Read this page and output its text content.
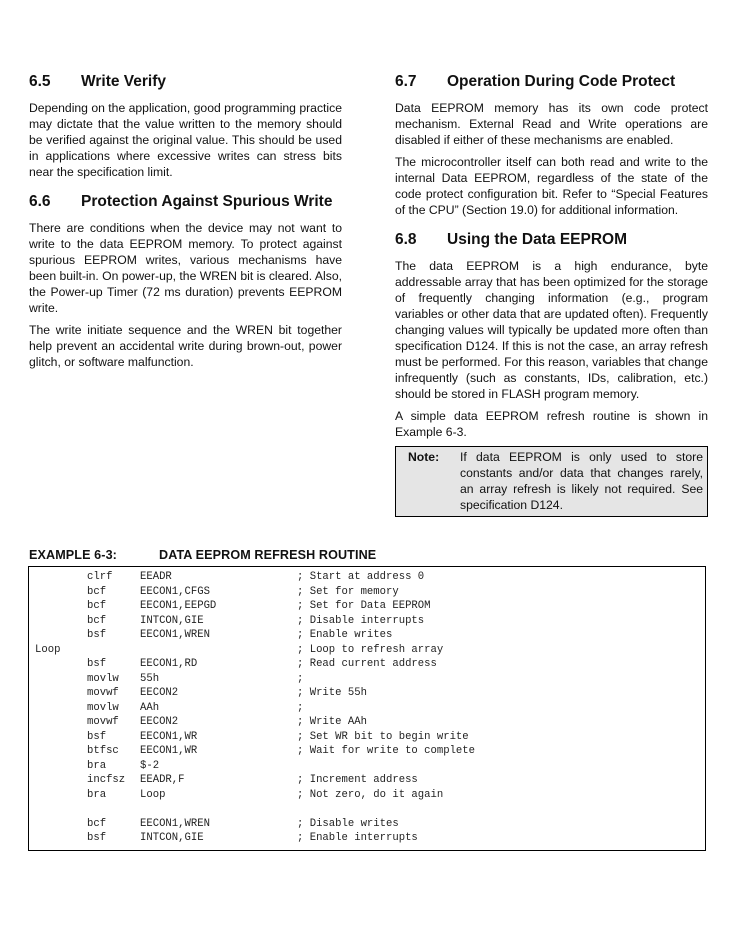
6.5	Write Verify

Depending on the application, good programming practice may dictate that the value written to the memory should be verified against the original value. This should be used in applications where excessive writes can stress bits near the specification limit.

6.6	Protection Against Spurious Write

There are conditions when the device may not want to write to the data EEPROM memory. To protect against spurious EEPROM writes, various mechanisms have been built-in. On power-up, the WREN bit is cleared. Also, the Power-up Timer (72 ms duration) prevents EEPROM write.

The write initiate sequence and the WREN bit together help prevent an accidental write during brown-out, power glitch, or software malfunction.

6.7	Operation During Code Protect

Data EEPROM memory has its own code protect mechanism. External Read and Write operations are disabled if either of these mechanisms are enabled.

The microcontroller itself can both read and write to the internal Data EEPROM, regardless of the state of the code protect configuration bit. Refer to “Special Features of the CPU” (Section 19.0) for additional information.

6.8	Using the Data EEPROM

The data EEPROM is a high endurance, byte addressable array that has been optimized for the storage of frequently changing information (e.g., program variables or other data that are updated often). Frequently changing values will typically be updated more often than specification D124. If this is not the case, an array refresh must be performed. For this reason, variables that change infrequently (such as constants, IDs, calibration, etc.) should be stored in FLASH program memory.

A simple data EEPROM refresh routine is shown in Example 6-3.

Note:	If data EEPROM is only used to store constants and/or data that changes rarely, an array refresh is likely not required. See specification D124.
EXAMPLE 6-3:	DATA EEPROM REFRESH ROUTINE
clrf	EEADR	; Start at address 0
bcf	EECON1,CFGS	; Set for memory
bcf	EECON1,EEPGD	; Set for Data EEPROM
bcf	INTCON,GIE	; Disable interrupts
bsf	EECON1,WREN	; Enable writes
Loop	; Loop to refresh array
bsf	EECON1,RD	; Read current address
movlw 55h	;
movwf EECON2	; Write 55h
movlw AAh	;
movwf EECON2	; Write AAh
bsf	EECON1,WR	; Set WR bit to begin write
btfsc EECON1,WR	; Wait for write to complete
bra	$-2
incfsz EEADR,F	; Increment address
bra	Loop	; Not zero, do it again
bcf	EECON1,WREN	; Disable writes
bsf	INTCON,GIE	; Enable interrupts
